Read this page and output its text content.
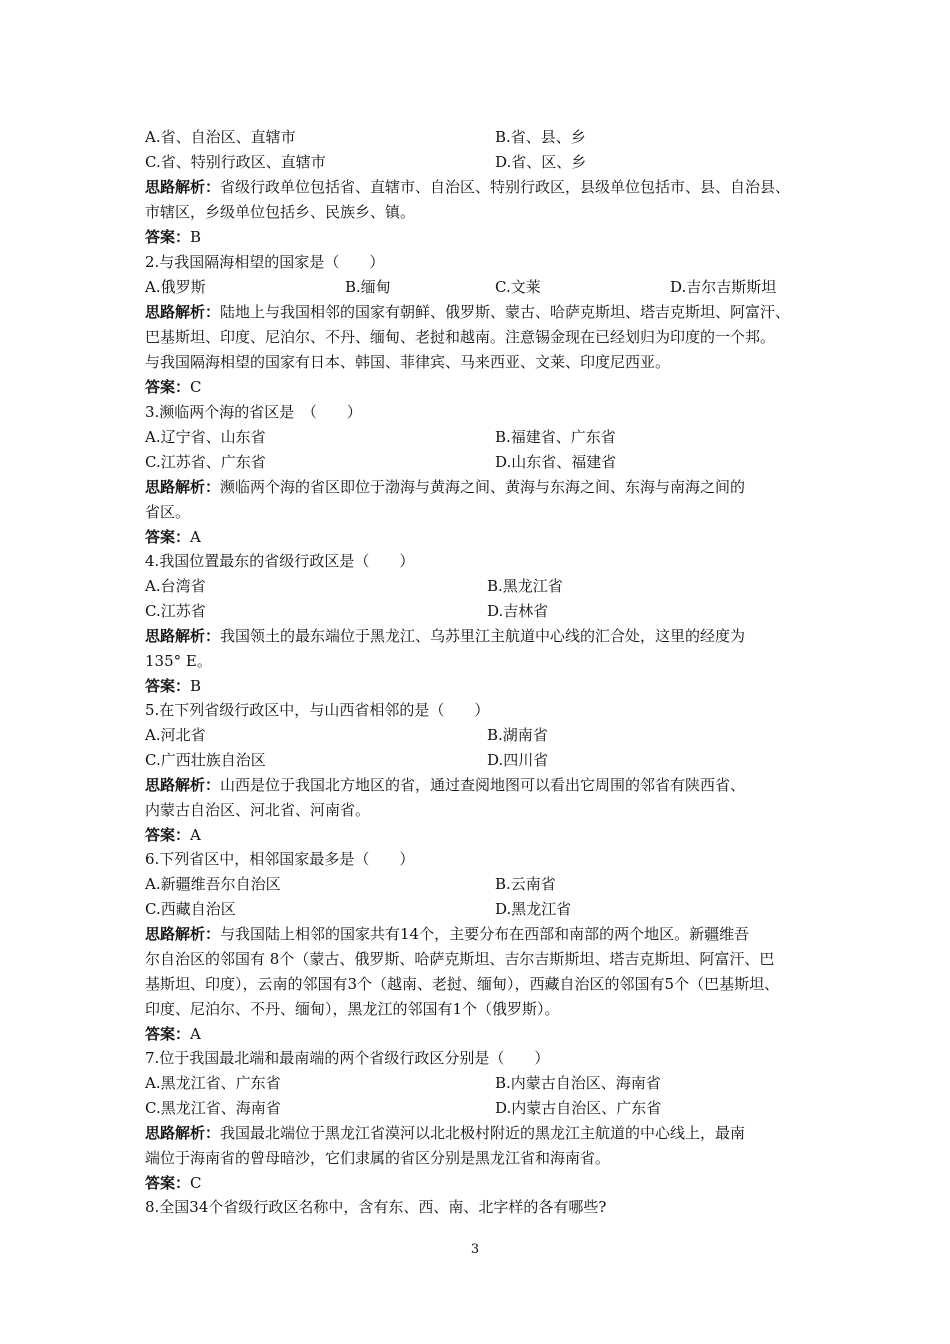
A.省、自治区、直辖市	B.省、县、乡
C.省、特别行政区、直辖市	D.省、区、乡
思路解析：省级行政单位包括省、直辖市、自治区、特别行政区，县级单位包括市、县、自治县、
市辖区，乡级单位包括乡、民族乡、镇。
答案：B
2.与我国隔海相望的国家是（　　）
A.俄罗斯	B.缅甸	C.文莱	D.吉尔吉斯斯坦
思路解析：陆地上与我国相邻的国家有朝鲜、俄罗斯、蒙古、哈萨克斯坦、塔吉克斯坦、阿富汗、
巴基斯坦、印度、尼泊尔、不丹、缅甸、老挝和越南。注意锡金现在已经划归为印度的一个邦。
与我国隔海相望的国家有日本、韩国、菲律宾、马来西亚、文莱、印度尼西亚。
答案：C
3.濒临两个海的省区是　（　　）
A.辽宁省、山东省	B.福建省、广东省
C.江苏省、广东省	D.山东省、福建省
思路解析：濒临两个海的省区即位于渤海与黄海之间、黄海与东海之间、东海与南海之间的
省区。
答案：A
4.我国位置最东的省级行政区是（　　）
A.台湾省	B.黑龙江省
C.江苏省	D.吉林省
思路解析：我国领土的最东端位于黑龙江、乌苏里江主航道中心线的汇合处，这里的经度为
135° E。
答案：B
5.在下列省级行政区中，与山西省相邻的是（　　）
A.河北省	B.湖南省
C.广西壮族自治区	D.四川省
思路解析：山西是位于我国北方地区的省，通过查阅地图可以看出它周围的邻省有陕西省、
内蒙古自治区、河北省、河南省。
答案：A
6.下列省区中，相邻国家最多是（　　）
A.新疆维吾尔自治区	B.云南省
C.西藏自治区	D.黑龙江省
思路解析：与我国陆上相邻的国家共有14个，主要分布在西部和南部的两个地区。新疆维吾
尔自治区的邻国有 8个（蒙古、俄罗斯、哈萨克斯坦、吉尔吉斯斯坦、塔吉克斯坦、阿富汗、巴
基斯坦、印度），云南的邻国有3个（越南、老挝、缅甸），西藏自治区的邻国有5个（巴基斯坦、
印度、尼泊尔、不丹、缅甸），黑龙江的邻国有1个（俄罗斯）。
答案：A
7.位于我国最北端和最南端的两个省级行政区分别是（　　）
A.黑龙江省、广东省	B.内蒙古自治区、海南省
C.黑龙江省、海南省	D.内蒙古自治区、广东省
思路解析：我国最北端位于黑龙江省漠河以北北极村附近的黑龙江主航道的中心线上，最南
端位于海南省的曾母暗沙，它们隶属的省区分别是黑龙江省和海南省。
答案：C
8.全国34个省级行政区名称中，含有东、西、南、北字样的各有哪些?
3
